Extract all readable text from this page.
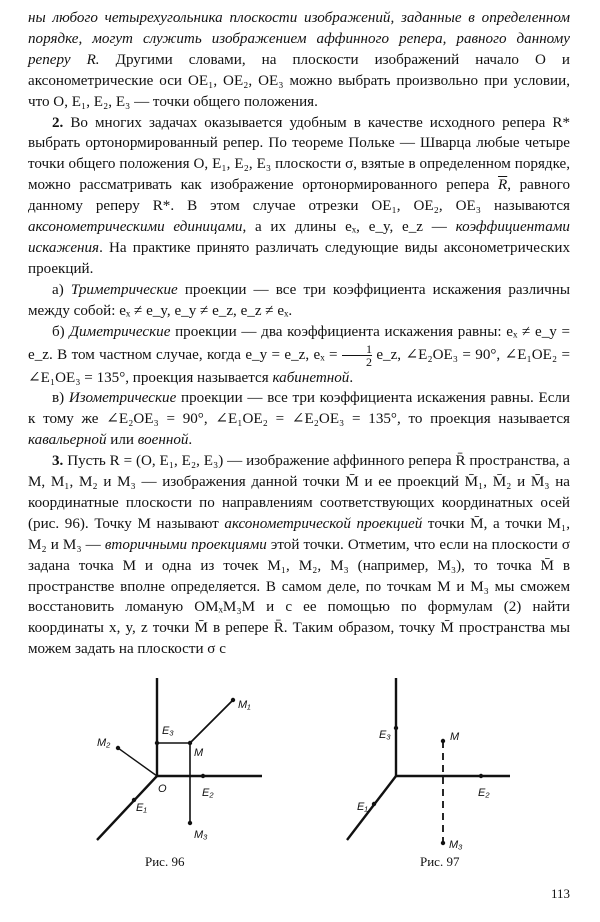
ны любого четырехугольника плоскости изображений, заданные в определенном порядке, могут служить изображением аффинного репера, равного данному реперу R. Другими словами, на плоскости изображений начало O и аксонометрические оси OE₁, OE₂, OE₃ можно выбрать произвольно при условии, что O, E₁, E₂, E₃ — точки общего положения.

2. Во многих задачах оказывается удобным в качестве исходного репера R* выбрать ортонормированный репер. По теореме Польке — Шварца любые четыре точки общего положения O, E₁, E₂, E₃ плоскости σ, взятые в определенном порядке, можно рассматривать как изображение ортонормированного репера $\overline{R}$, равного данному реперу R*. В этом случае отрезки OE₁, OE₂, OE₃ называются аксонометрическими единицами, а их длины eₓ, e_y, e_z — коэффициентами искажения. На практике принято различать следующие виды аксонометрических проекций.

а) Триметрические проекции — все три коэффициента искажения различны между собой: eₓ ≠ e_y, e_y ≠ e_z, e_z ≠ eₓ.

б) Диметрические проекции — два коэффициента искажения равны: eₓ ≠ e_y = e_z. В том частном случае, когда e_y = e_z, $e_x = \frac{1}{2}$ e_z, ∠E₂OE₃ = 90°, ∠E₁OE₂ = ∠E₁OE₃ = 135°, проекция называется кабинетной.

в) Изометрические проекции — все три коэффициента искажения равны. Если к тому же ∠E₂OE₃ = 90°, ∠E₁OE₂ = ∠E₂OE₃ = 135°, то проекция называется кавальерной или военной.

3. Пусть R = (O, E₁, E₂, E₃) — изображение аффинного репера R̄ пространства, а M, M₁, M₂ и M₃ — изображения данной точки M̄ и ее проекций M̄₁, M̄₂ и M̄₃ на координатные плоскости по направлениям соответствующих координатных осей (рис. 96). Точку M называют аксонометрической проекцией точки M̄, а точки M₁, M₂ и M₃ — вторичными проекциями этой точки. Отметим, что если на плоскости σ задана точка M и одна из точек M₁, M₂, M₃ (например, M₃), то точка M̄ в пространстве вполне определяется. В самом деле, по точкам M и M₃ мы сможем восстановить ломаную OMₓM₃M и с ее помощью по формулам (2) найти координаты x, y, z точки M̄ в репере R̄. Таким образом, точку M̄ пространства мы можем задать на плоскости σ с

M₁
M₂
M
E₃
O	E₂
E₁
M₃
E₃	M
E₂
E₁
M₃
Рис. 96	Рис. 97
113
